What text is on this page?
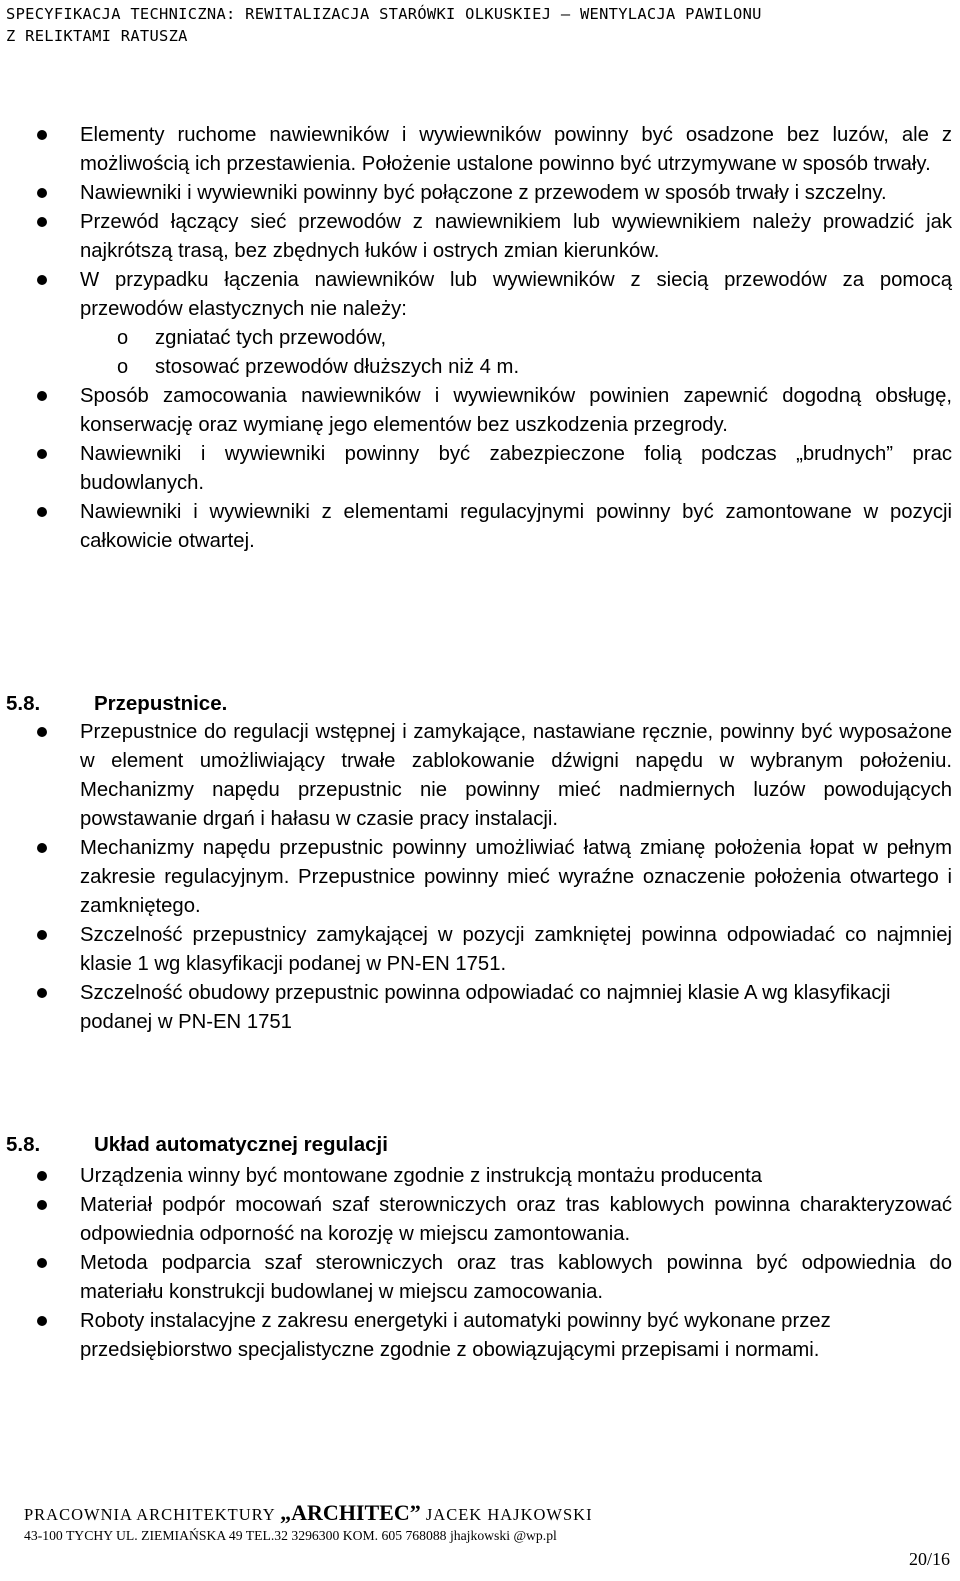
SPECYFIKACJA TECHNICZNA: REWITALIZACJA STARÓWKI OLKUSKIEJ – WENTYLACJA PAWILONU
Z RELIKTAMI RATUSZA
Elementy ruchome nawiewników i wywiewników powinny być osadzone bez luzów, ale z możliwością ich przestawienia. Położenie ustalone powinno być utrzymywane w sposób trwały.
Nawiewniki i wywiewniki powinny być połączone z przewodem w sposób trwały i szczelny.
Przewód łączący sieć przewodów z nawiewnikiem lub wywiewnikiem należy prowadzić jak najkrótszą trasą, bez zbędnych łuków i ostrych zmian kierunków.
W przypadku łączenia nawiewników lub wywiewników z siecią przewodów za pomocą przewodów elastycznych nie należy:
o zgniatać tych przewodów,
o stosować przewodów dłuższych niż 4 m.
Sposób zamocowania nawiewników i wywiewników powinien zapewnić dogodną obsługę, konserwację oraz wymianę jego elementów bez uszkodzenia przegrody.
Nawiewniki i wywiewniki powinny być zabezpieczone folią podczas „brudnych” prac budowlanych.
Nawiewniki i wywiewniki z elementami regulacyjnymi powinny być zamontowane w pozycji całkowicie otwartej.
5.8.	Przepustnice.
Przepustnice do regulacji wstępnej i zamykające, nastawiane ręcznie, powinny być wyposażone w element umożliwiający trwałe zablokowanie dźwigni napędu w wybranym położeniu. Mechanizmy napędu przepustnic nie powinny mieć nadmiernych luzów powodujących powstawanie drgań i hałasu w czasie pracy instalacji.
Mechanizmy napędu przepustnic powinny umożliwiać łatwą zmianę położenia łopat w pełnym zakresie regulacyjnym. Przepustnice powinny mieć wyraźne oznaczenie położenia otwartego i zamkniętego.
Szczelność przepustnicy zamykającej w pozycji zamkniętej powinna odpowiadać co najmniej klasie 1 wg klasyfikacji podanej w PN-EN 1751.
Szczelność obudowy przepustnic powinna odpowiadać co najmniej klasie A wg klasyfikacji podanej w PN-EN 1751
5.8.	Układ automatycznej regulacji
Urządzenia winny być montowane zgodnie z instrukcją montażu producenta
Materiał podpór mocowań szaf sterowniczych oraz tras kablowych powinna charakteryzować odpowiednia odporność na korozję w miejscu zamontowania.
Metoda podparcia szaf sterowniczych oraz tras kablowych powinna być odpowiednia do materiału konstrukcji budowlanej w miejscu zamocowania.
Roboty instalacyjne z zakresu energetyki i automatyki powinny być wykonane przez przedsiębiorstwo specjalistyczne zgodnie z obowiązującymi przepisami i normami.
PRACOWNIA ARCHITEKTURY „ARCHITEC” JACEK HAJKOWSKI
43-100 TYCHY UL. ZIEMIAŃSKA 49 TEL.32 3296300 KOM. 605 768088 jhajkowski @wp.pl
20/16
